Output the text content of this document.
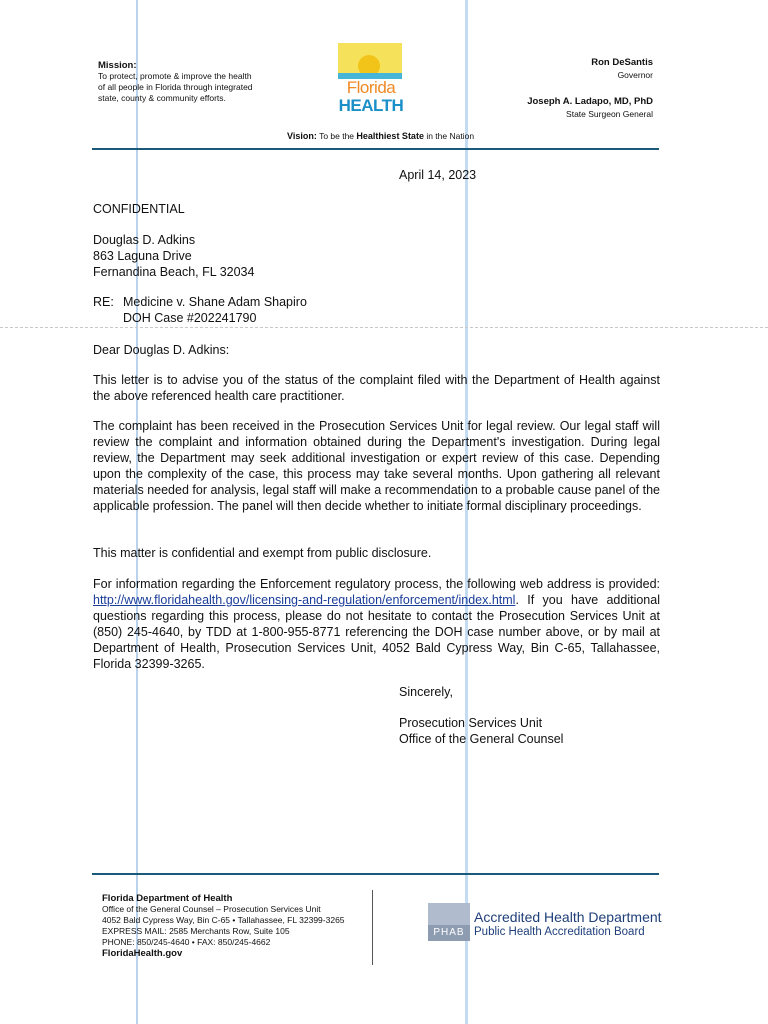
Mission:
To protect, promote & improve the health
of all people in Florida through integrated
state, county & community efforts.
Florida
HEALTH
Ron DeSantis
Governor
Joseph A. Ladapo, MD, PhD
State Surgeon General
Vision: To be the Healthiest State in the Nation
April 14, 2023
CONFIDENTIAL
Douglas D. Adkins
863 Laguna Drive
Fernandina Beach, FL 32034
RE: Medicine v. Shane Adam Shapiro
DOH Case #202241790
Dear Douglas D. Adkins:
This letter is to advise you of the status of the complaint filed with the Department of Health against the above referenced health care practitioner.
The complaint has been received in the Prosecution Services Unit for legal review. Our legal staff will review the complaint and information obtained during the Department's investigation. During legal review, the Department may seek additional investigation or expert review of this case. Depending upon the complexity of the case, this process may take several months. Upon gathering all relevant materials needed for analysis, legal staff will make a recommendation to a probable cause panel of the applicable profession. The panel will then decide whether to initiate formal disciplinary proceedings.
This matter is confidential and exempt from public disclosure.
For information regarding the Enforcement regulatory process, the following web address is provided: http://www.floridahealth.gov/licensing-and-regulation/enforcement/index.html. If you have additional questions regarding this process, please do not hesitate to contact the Prosecution Services Unit at (850) 245-4640, by TDD at 1-800-955-8771 referencing the DOH case number above, or by mail at Department of Health, Prosecution Services Unit, 4052 Bald Cypress Way, Bin C-65, Tallahassee, Florida 32399-3265.
Sincerely,
Prosecution Services Unit
Office of the General Counsel
Florida Department of Health
Office of the General Counsel – Prosecution Services Unit
4052 Bald Cypress Way, Bin C-65 • Tallahassee, FL 32399-3265
EXPRESS MAIL: 2585 Merchants Row, Suite 105
PHONE: 850/245-4640 • FAX: 850/245-4662
FloridaHealth.gov
PHAB
Accredited Health Department
Public Health Accreditation Board
